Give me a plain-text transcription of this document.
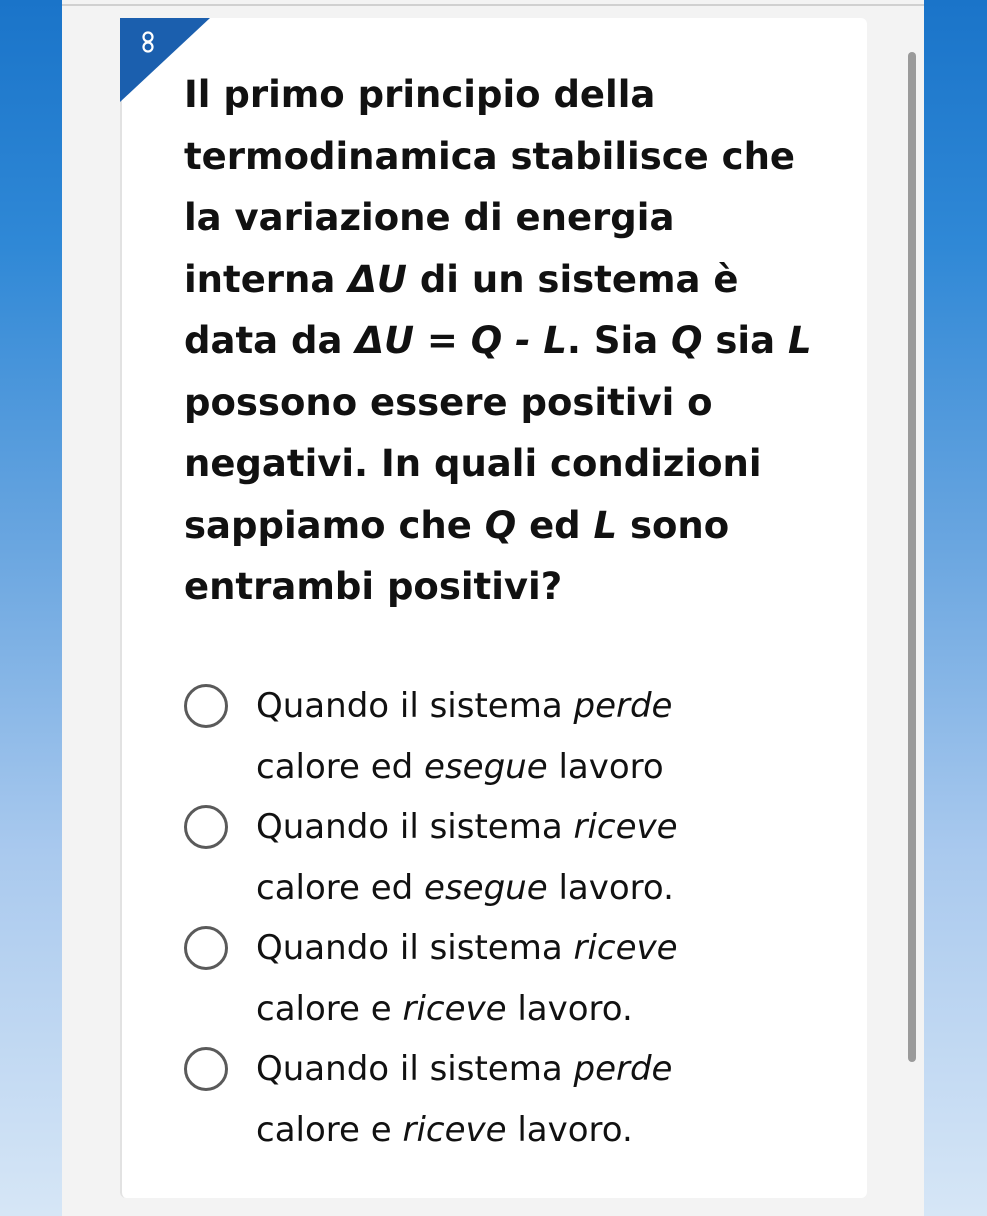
Il primo principio della termodinamica stabilisce che la variazione di energia interna ΔU di un sistema è data da ΔU = Q - L. Sia Q sia L possono essere positivi o negativi. In quali condizioni sappiamo che Q ed L sono entrambi positivi?

Quando il sistema perde calore ed esegue lavoro
Quando il sistema riceve calore ed esegue lavoro.
Quando il sistema riceve calore e riceve lavoro.
Quando il sistema perde calore e riceve lavoro.
